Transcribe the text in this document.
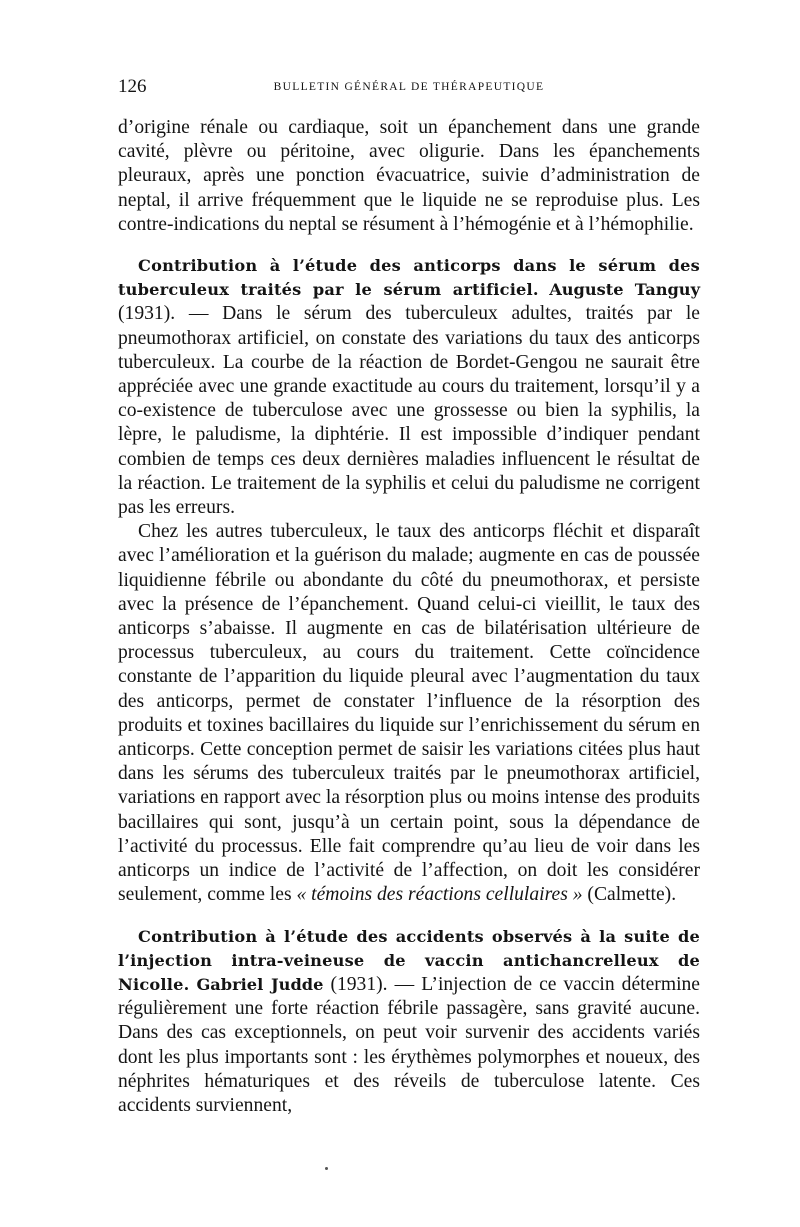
126	BULLETIN GÉNÉRAL DE THÉRAPEUTIQUE

d’origine rénale ou cardiaque, soit un épanchement dans une grande cavité, plèvre ou péritoine, avec oligurie. Dans les épanchements pleuraux, après une ponction évacuatrice, suivie d’administration de neptal, il arrive fréquemment que le liquide ne se reproduise plus. Les contre-indications du neptal se résument à l’hémogénie et à l’hémophilie.

Contribution à l’étude des anticorps dans le sérum des tuberculeux traités par le sérum artificiel. Auguste Tanguy (1931). — Dans le sérum des tuberculeux adultes, traités par le pneumothorax artificiel, on constate des variations du taux des anticorps tuberculeux. La courbe de la réaction de Bordet-Gengou ne saurait être appréciée avec une grande exactitude au cours du traitement, lorsqu’il y a co-existence de tuberculose avec une grossesse ou bien la syphilis, la lèpre, le paludisme, la diphtérie. Il est impossible d’indiquer pendant combien de temps ces deux dernières maladies influencent le résultat de la réaction. Le traitement de la syphilis et celui du paludisme ne corrigent pas les erreurs.

Chez les autres tuberculeux, le taux des anticorps fléchit et disparaît avec l’amélioration et la guérison du malade; augmente en cas de poussée liquidienne fébrile ou abondante du côté du pneumothorax, et persiste avec la présence de l’épanchement. Quand celui-ci vieillit, le taux des anticorps s’abaisse. Il augmente en cas de bilatérisation ultérieure de processus tuberculeux, au cours du traitement. Cette coïncidence constante de l’apparition du liquide pleural avec l’augmentation du taux des anticorps, permet de constater l’influence de la résorption des produits et toxines bacillaires du liquide sur l’enrichissement du sérum en anticorps. Cette conception permet de saisir les variations citées plus haut dans les sérums des tuberculeux traités par le pneumothorax artificiel, variations en rapport avec la résorption plus ou moins intense des produits bacillaires qui sont, jusqu’à un certain point, sous la dépendance de l’activité du processus. Elle fait comprendre qu’au lieu de voir dans les anticorps un indice de l’activité de l’affection, on doit les considérer seulement, comme les « témoins des réactions cellulaires » (Calmette).

Contribution à l’étude des accidents observés à la suite de l’injection intra-veineuse de vaccin antichancrelleux de Nicolle. Gabriel Judde (1931). — L’injection de ce vaccin détermine régulièrement une forte réaction fébrile passagère, sans gravité aucune. Dans des cas exceptionnels, on peut voir survenir des accidents variés dont les plus importants sont : les érythèmes polymorphes et noueux, des néphrites hématuriques et des réveils de tuberculose latente. Ces accidents surviennent,
